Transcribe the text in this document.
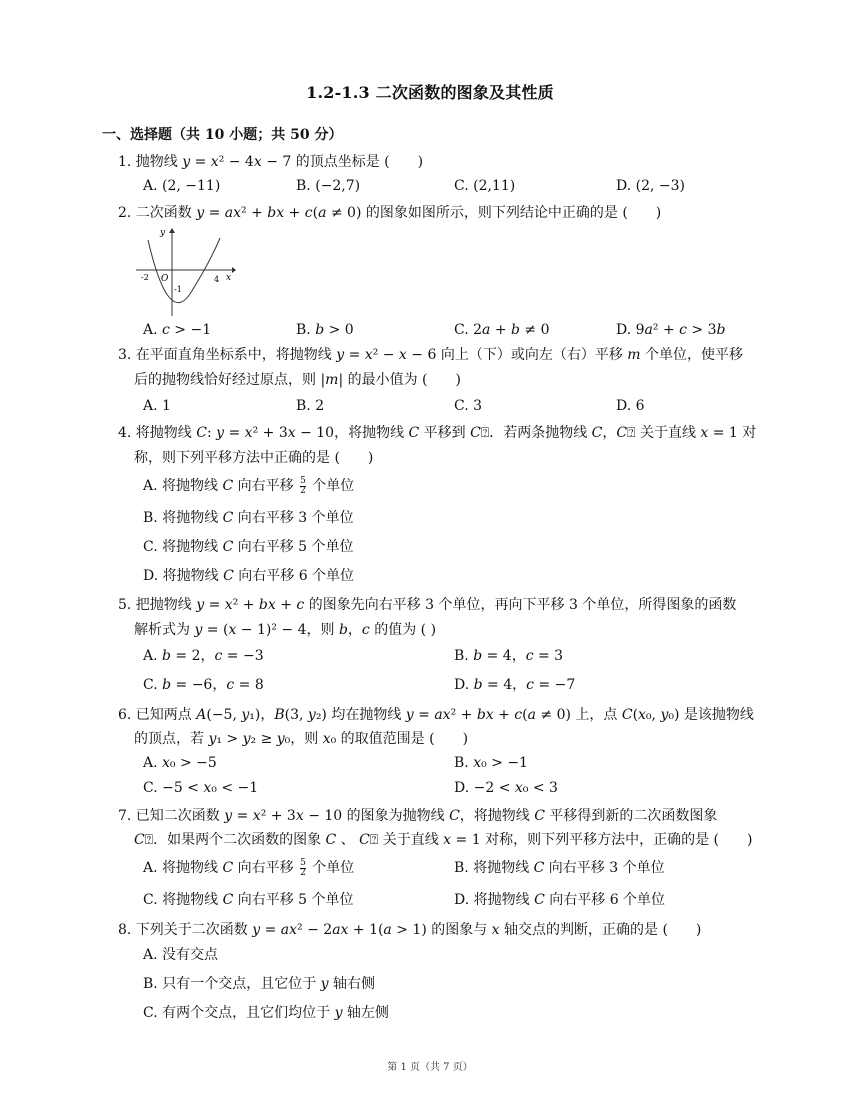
1.2-1.3 二次函数的图象及其性质
一、选择题（共 10 小题；共 50 分）
1. 抛物线 𝑦 = 𝑥² − 4𝑥 − 7 的顶点坐标是 (　　)
A. (2, −11)	B. (−2,7)	C. (2,11)	D. (2, −3)
2. 二次函数 𝑦 = 𝑎𝑥² + 𝑏𝑥 + 𝑐(𝑎 ≠ 0) 的图象如图所示，则下列结论中正确的是 (　　)
y
x
O
-2	4
-1
A. 𝑐 > −1	B. 𝑏 > 0	C. 2𝑎 + 𝑏 ≠ 0	D. 9𝑎² + 𝑐 > 3𝑏
3. 在平面直角坐标系中，将抛物线 𝑦 = 𝑥² − 𝑥 − 6 向上（下）或向左（右）平移 𝑚 个单位，使平移
后的抛物线恰好经过原点，则 |𝑚| 的最小值为 (　　)
A. 1	B. 2	C. 3	D. 6
4. 将抛物线 𝐶: 𝑦 = 𝑥² + 3𝑥 − 10，将抛物线 𝐶 平移到 𝐶⍰．若两条抛物线 𝐶，𝐶⍰ 关于直线 𝑥 = 1 对
称，则下列平移方法中正确的是 (　　)
A. 将抛物线 𝐶 向右平移 $\frac{5}{2}$ 个单位
B. 将抛物线 𝐶 向右平移 3 个单位
C. 将抛物线 𝐶 向右平移 5 个单位
D. 将抛物线 𝐶 向右平移 6 个单位
5. 把抛物线 𝑦 = 𝑥² + 𝑏𝑥 + 𝑐 的图象先向右平移 3 个单位，再向下平移 3 个单位，所得图象的函数
解析式为 𝑦 = (𝑥 − 1)² − 4，则 𝑏，𝑐 的值为 ( )
A. 𝑏 = 2，𝑐 = −3	B. 𝑏 = 4，𝑐 = 3
C. 𝑏 = −6，𝑐 = 8	D. 𝑏 = 4，𝑐 = −7
6. 已知两点 𝐴(−5, 𝑦₁)，𝐵(3, 𝑦₂) 均在抛物线 𝑦 = 𝑎𝑥² + 𝑏𝑥 + 𝑐(𝑎 ≠ 0) 上，点 𝐶(𝑥₀, 𝑦₀) 是该抛物线
的顶点，若 𝑦₁ > 𝑦₂ ≥ 𝑦₀，则 𝑥₀ 的取值范围是 (　　)
A. 𝑥₀ > −5	B. 𝑥₀ > −1
C. −5 < 𝑥₀ < −1	D. −2 < 𝑥₀ < 3
7. 已知二次函数 𝑦 = 𝑥² + 3𝑥 − 10 的图象为抛物线 𝐶，将抛物线 𝐶 平移得到新的二次函数图象
𝐶⍰．如果两个二次函数的图象 𝐶 、 𝐶⍰ 关于直线 𝑥 = 1 对称，则下列平移方法中，正确的是 (　　)
A. 将抛物线 𝐶 向右平移 $\frac{5}{2}$ 个单位	B. 将抛物线 𝐶 向右平移 3 个单位
C. 将抛物线 𝐶 向右平移 5 个单位	D. 将抛物线 𝐶 向右平移 6 个单位
8. 下列关于二次函数 𝑦 = 𝑎𝑥² − 2𝑎𝑥 + 1(𝑎 > 1) 的图象与 𝑥 轴交点的判断，正确的是 (　　)
A. 没有交点
B. 只有一个交点，且它位于 𝑦 轴右侧
C. 有两个交点，且它们均位于 𝑦 轴左侧
第 1 页（共 7 页）
